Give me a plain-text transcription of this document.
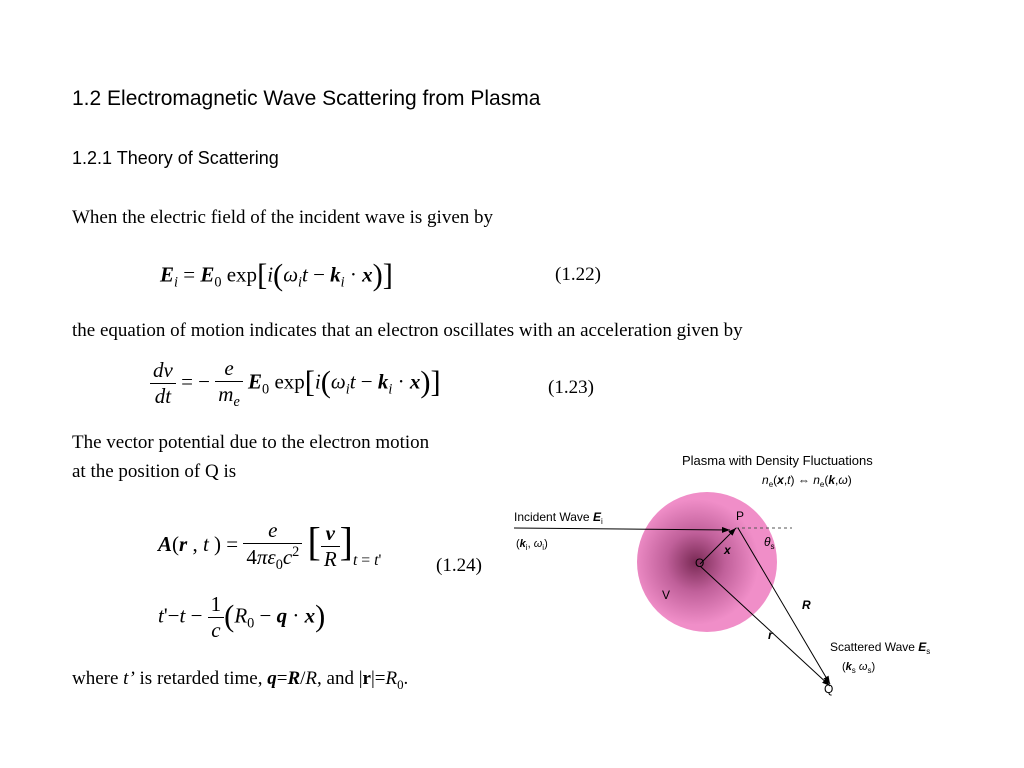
1.2 Electromagnetic Wave Scattering from Plasma
1.2.1 Theory of Scattering
When the electric field of the incident wave is given by
$E_i = E_0$ $\exp[i(\omega_it - k_i \cdot x)]$	(1.22)
the equation of motion indicates that an electron oscillates with an acceleration given by
$\frac{dv}{dt}$ = − $\frac{e}{m_e} E_0$ $\exp[i(\omega_it - k_i \cdot x)]$	(1.23)
The vector potential due to the electron motion
at the position of Q is
A(r , t ) = $\frac{e}{4\pi\varepsilon_0c^2}$ [ $\frac{v}{R} ]_{t = t'}$	(1.24)
$t'-t - \frac{1}{c} (R_0 - q \cdot x)$
where t’ is retarded time, q=R/R, and $|r|=R_0$.
Plasma with Density Fluctuations
$n_e(x,t)$ ⇔ $n_e(k,\omega)$
Incident Wave $E_i$
($k_i$, $\omega_i$)
P
O
x
V
$\theta_s$
R
r
Scattered Wave $E_s$
($k_s$ $\omega_s$)
Q
